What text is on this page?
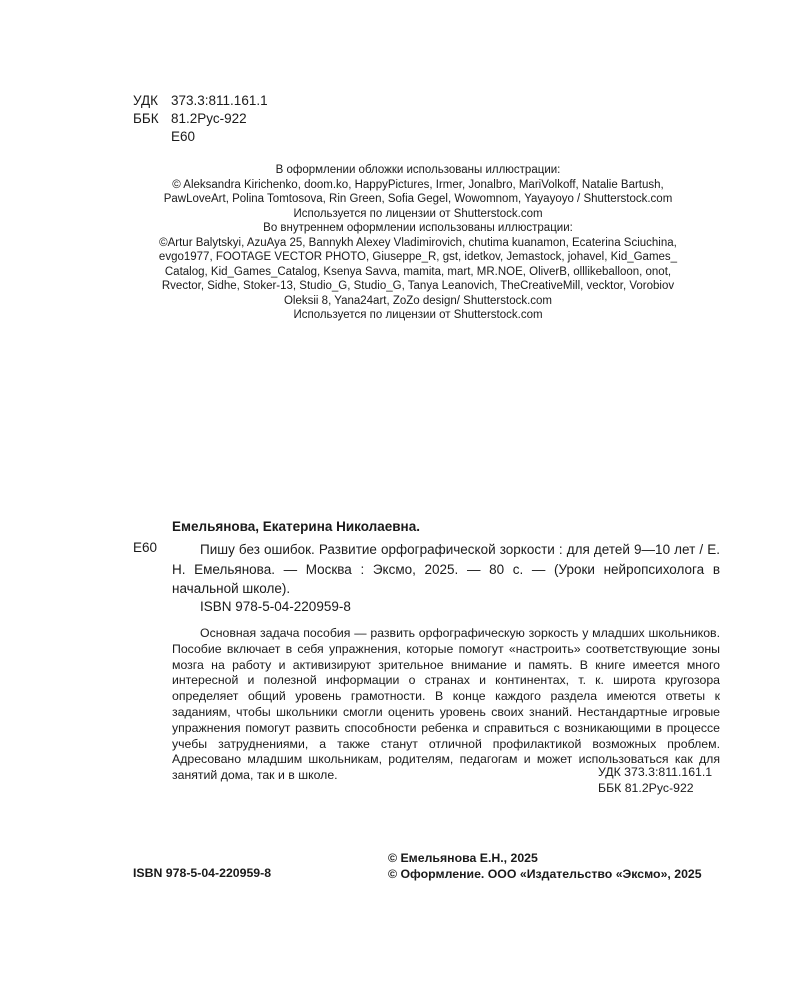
УДК 373.3:811.161.1
ББК 81.2Рус-922
Е60
В оформлении обложки использованы иллюстрации:
© Aleksandra Kirichenko, doom.ko, HappyPictures, Irmer, Jonalbro, MariVolkoff, Natalie Bartush,
PawLoveArt, Polina Tomtosova, Rin Green, Sofia Gegel, Wowomnom, Yayayoyo / Shutterstock.com
Используется по лицензии от Shutterstock.com
Во внутреннем оформлении использованы иллюстрации:
©Artur Balytskyi, AzuAya 25, Bannykh Alexey Vladimirovich, chutima kuanamon, Ecaterina Sciuchina,
evgo1977, FOOTAGE VECTOR PHOTO, Giuseppe_R, gst, idetkov, Jemastock, johavel, Kid_Games_
Catalog, Kid_Games_Catalog, Ksenya Savva, mamita, mart, MR.NOE, OliverB, olllikeballoon, onot,
Rvector, Sidhe, Stoker-13, Studio_G, Studio_G, Tanya Leanovich, TheCreativeMill, vecktor, Vorobiov
Oleksii 8, Yana24art, ZoZo design/ Shutterstock.com
Используется по лицензии от Shutterstock.com
Емельянова, Екатерина Николаевна.
Е60	Пишу без ошибок. Развитие орфографической зоркости : для детей 9—10 лет / Е. Н. Емельянова. — Москва : Эксмо, 2025. — 80 с. — (Уроки нейропсихолога в начальной школе).
ISBN 978-5-04-220959-8
Основная задача пособия — развить орфографическую зоркость у младших школьников. Пособие включает в себя упражнения, которые помогут «настроить» соответствующие зоны мозга на работу и активизируют зрительное внимание и память. В книге имеется много интересной и полезной информации о странах и континентах, т. к. широта кругозора определяет общий уровень грамотности. В конце каждого раздела имеются ответы к заданиям, чтобы школьники смогли оценить уровень своих знаний. Нестандартные игровые упражнения помогут развить способности ребенка и справиться с возникающими в процессе учебы затруднениями, а также станут отличной профилактикой возможных проблем. Адресовано младшим школьникам, родителям, педагогам и может использоваться как для занятий дома, так и в школе.	УДК 373.3:811.161.1
ББК 81.2Рус-922
ISBN 978-5-04-220959-8
© Емельянова Е.Н., 2025
© Оформление. ООО «Издательство «Эксмо», 2025
